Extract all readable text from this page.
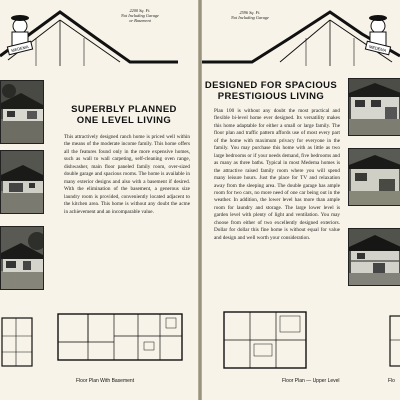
MEDEMA
2200 Sq. Ft.
Not Including Garage
or Basement
SUPERBLY PLANNED
ONE LEVEL LIVING
This attractively designed ranch home is priced well within the means of the moderate income family. This home offers all the features found only in the more expensive homes, such as wall to wall carpeting, self-cleaning oven range, dishwasher, main floor paneled family room, over-sized double garage and spacious rooms. The home is available in many exterior designs and also with a basement if desired. With the elimination of the basement, a generous size laundry room is provided, conveniently located adjacent to the kitchen area. This home is without any doubt the acme in achievement and an incomparable value.
Floor Plan With Basement
MEDEMA
2596 Sq. Ft.
Not Including Garage
DESIGNED FOR SPACIOUS
PRESTIGIOUS LIVING
Plan 100 is without any doubt the most practical and flexible bi-level home ever designed. Its versatility makes this home adaptable for either a small or large family. The floor plan and traffic pattern affords use of most every part of the home with maximum privacy for everyone in the family. You may purchase this home with as little as two large bedrooms or if your needs demand, five bedrooms and as many as three baths. Typical in most Medema homes is the attractive raised family room where you will spend many leisure hours. Just the place for TV and relaxation away from the sleeping area. The double garage has ample room for two cars, no more need of one car being out in the weather. In addition, the lower level has more than ample room for laundry and storage. The large lower level is garden level with plenty of light and ventilation. You may choose from either of two excellently designed exteriors. Dollar for dollar this fine home is without equal for value and design and well worth your consideration.
Floor Plan — Upper Level	Flo
